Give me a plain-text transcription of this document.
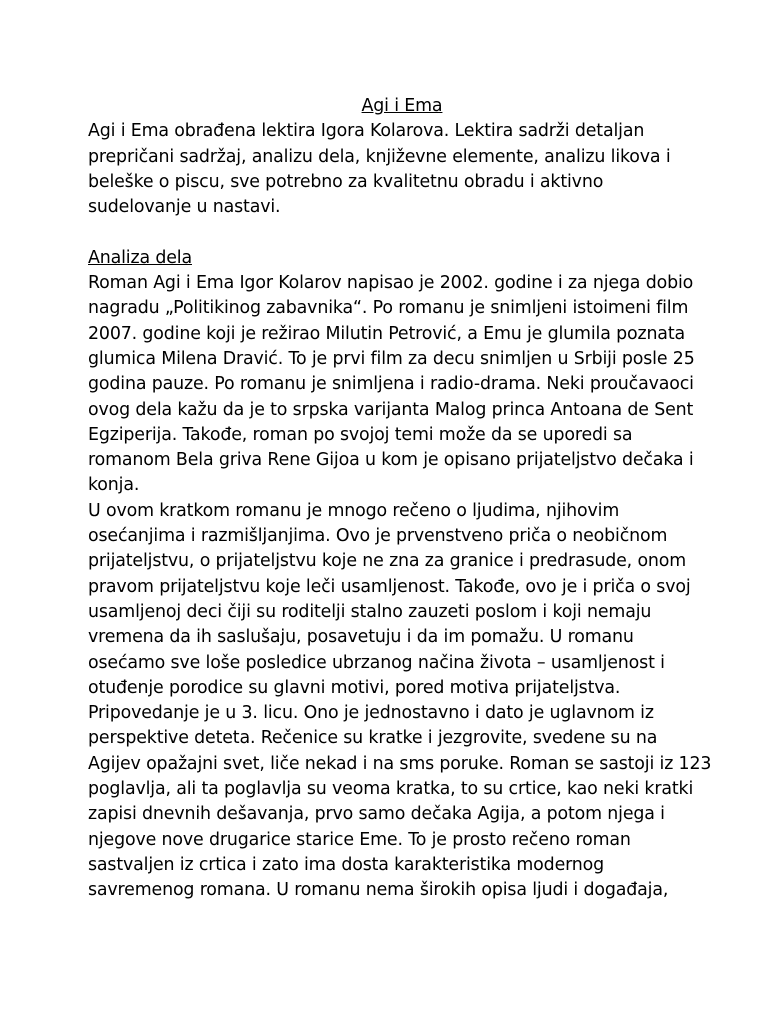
Agi i Ema

Agi i Ema obrađena lektira Igora Kolarova. Lektira sadrži detaljan
prepričani sadržaj, analizu dela, književne elemente, analizu likova i
beleške o piscu, sve potrebno za kvalitetnu obradu i aktivno
sudelovanje u nastavi.

Analiza dela

Roman Agi i Ema Igor Kolarov napisao je 2002. godine i za njega dobio
nagradu „Politikinog zabavnika“. Po romanu je snimljeni istoimeni film
2007. godine koji je režirao Milutin Petrović, a Emu je glumila poznata
glumica Milena Dravić. To je prvi film za decu snimljen u Srbiji posle 25
godina pauze. Po romanu je snimljena i radio-drama. Neki proučavaoci
ovog dela kažu da je to srpska varijanta Malog princa Antoana de Sent
Egziperija. Takođe, roman po svojoj temi može da se uporedi sa
romanom Bela griva Rene Gijoa u kom je opisano prijateljstvo dečaka i
konja.

U ovom kratkom romanu je mnogo rečeno o ljudima, njihovim
osećanjima i razmišljanjima. Ovo je prvenstveno priča o neobičnom
prijateljstvu, o prijateljstvu koje ne zna za granice i predrasude, onom
pravom prijateljstvu koje leči usamljenost. Takođe, ovo je i priča o svoj
usamljenoj deci čiji su roditelji stalno zauzeti poslom i koji nemaju
vremena da ih saslušaju, posavetuju i da im pomažu. U romanu
osećamo sve loše posledice ubrzanog načina života – usamljenost i
otuđenje porodice su glavni motivi, pored motiva prijateljstva.
Pripovedanje je u 3. licu. Ono je jednostavno i dato je uglavnom iz
perspektive deteta. Rečenice su kratke i jezgrovite, svedene su na
Agijev opažajni svet, liče nekad i na sms poruke. Roman se sastoji iz 123
poglavlja, ali ta poglavlja su veoma kratka, to su crtice, kao neki kratki
zapisi dnevnih dešavanja, prvo samo dečaka Agija, a potom njega i
njegove nove drugarice starice Eme. To je prosto rečeno roman
sastvaljen iz crtica i zato ima dosta karakteristika modernog
savremenog romana. U romanu nema širokih opisa ljudi i događaja,
